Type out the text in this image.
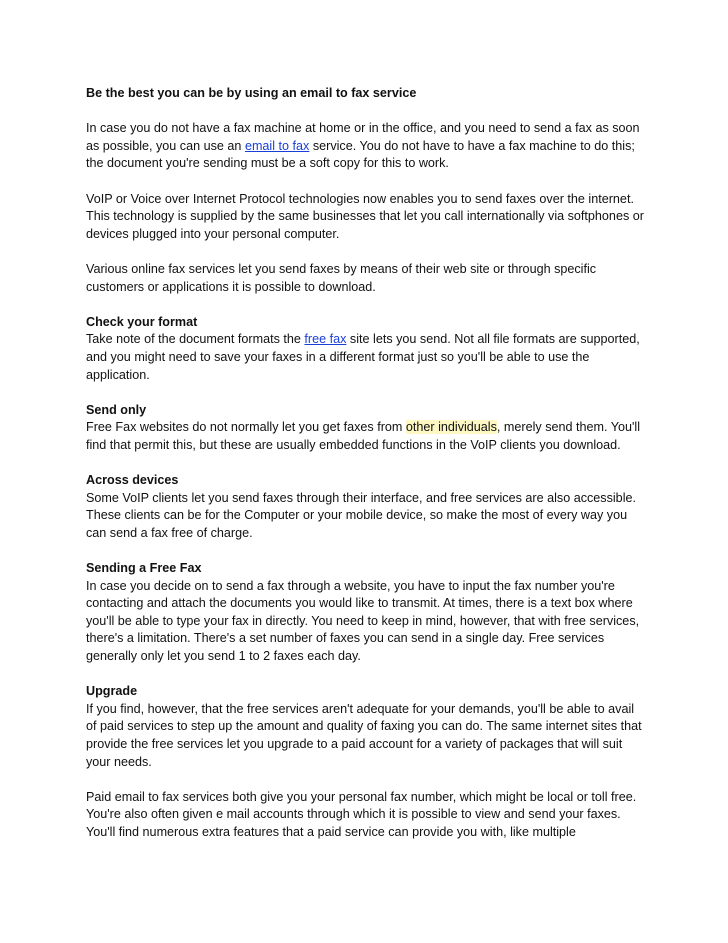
Be the best you can be by using an email to fax service

In case you do not have a fax machine at home or in the office, and you need to send a fax as soon as possible, you can use an email to fax service. You do not have to have a fax machine to do this; the document you're sending must be a soft copy for this to work.

VoIP or Voice over Internet Protocol technologies now enables you to send faxes over the internet. This technology is supplied by the same businesses that let you call internationally via softphones or devices plugged into your personal computer.

Various online fax services let you send faxes by means of their web site or through specific customers or applications it is possible to download.

Check your format

Take note of the document formats the free fax site lets you send. Not all file formats are supported, and you might need to save your faxes in a different format just so you'll be able to use the application.

Send only

Free Fax websites do not normally let you get faxes from other individuals, merely send them. You'll find that permit this, but these are usually embedded functions in the VoIP clients you download.

Across devices

Some VoIP clients let you send faxes through their interface, and free services are also accessible. These clients can be for the Computer or your mobile device, so make the most of every way you can send a fax free of charge.

Sending a Free Fax

In case you decide on to send a fax through a website, you have to input the fax number you're contacting and attach the documents you would like to transmit. At times, there is a text box where you'll be able to type your fax in directly. You need to keep in mind, however, that with free services, there's a limitation. There's a set number of faxes you can send in a single day. Free services generally only let you send 1 to 2 faxes each day.

Upgrade

If you find, however, that the free services aren't adequate for your demands, you'll be able to avail of paid services to step up the amount and quality of faxing you can do. The same internet sites that provide the free services let you upgrade to a paid account for a variety of packages that will suit your needs.

Paid email to fax services both give you your personal fax number, which might be local or toll free. You're also often given e mail accounts through which it is possible to view and send your faxes. You'll find numerous extra features that a paid service can provide you with, like multiple
